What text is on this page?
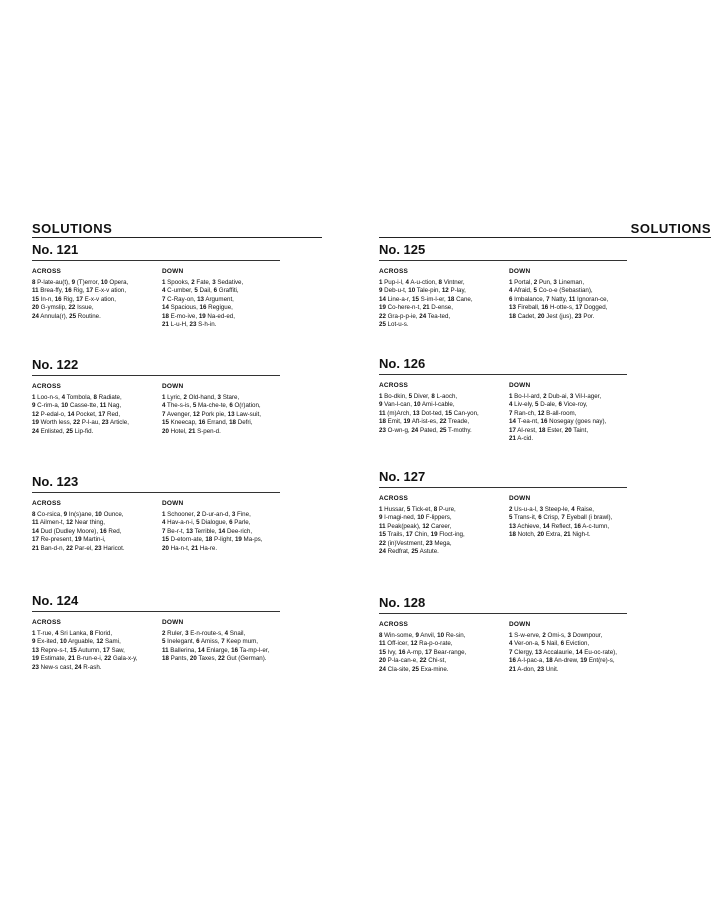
SOLUTIONS
No. 121
ACROSS
8 P-late-au(t), 9 (T)error, 10 Opera,
11 Brea-ffy, 16 Rig, 17 E-x-v ation,
15 In-n, 16 Rig, 17 E-x-v ation,
20 G-ymslip, 22 Issue,
24 Annula(r), 25 Routine.
DOWN
1 Spooks, 2 Fate, 3 Sedative,
4 C-umber, 5 Dail, 6 Graffiti,
7 C-Ray-on, 13 Argument,
14 Spacious, 16 Regigue,
18 E-mo-ive, 19 Na-ed-ed,
21 L-u-H, 23 S-h-in.
No. 122
ACROSS
1 Loo-n-s, 4 Tombola, 8 Radiate,
9 C-rim-a, 10 Casse-tte, 11 Nag,
12 P-edal-o, 14 Pocket, 17 Red,
19 Worth less, 22 P-l-au, 23 Article,
24 Enlisted, 25 Lip-fid.
DOWN
1 Lyric, 2 Old-hand, 3 Stare,
4 The-s-is, 5 Ma-che-te, 6 O(r)ation,
7 Avenger, 12 Pork pie, 13 Law-suit,
15 Kneecap, 16 Errand, 18 Defri,
20 Hotel, 21 S-pen-d.
No. 123
ACROSS
8 Co-rsica, 9 In(s)ane, 10 Ounce,
11 Ailmen-t, 12 Near thing,
14 Dud (Dudley Moore), 16 Red,
17 Re-present, 19 Martin-i,
21 Ban-d-n, 22 Par-el, 23 Haricot.
DOWN
1 Schooner, 2 D-ur-an-d, 3 Fine,
4 Hav-a-n-i, 5 Dialogue, 6 Parle,
7 Be-r-t, 13 Terrible, 14 Dee-rich,
15 D-etorn-ate, 18 P-light, 19 Ma-ps,
20 Ha-n-t, 21 Ha-re.
No. 124
ACROSS
1 T-rue, 4 Sri Lanka, 8 Florid,
9 Ex-ited, 10 Arguable, 12 Sami,
13 Repre-s-t, 15 Autumn, 17 Saw,
19 Estimate, 21 B-run-e-i, 22 Gala-x-y,
23 New-s cast, 24 R-ash.
DOWN
2 Ruler, 3 E-n-route-s, 4 Snail,
5 Inelegant, 6 Amiss, 7 Keep mum,
11 Ballerina, 14 Enlarge, 16 Ta-mp-l-er,
18 Pants, 20 Taxes, 22 Gut (German).
SOLUTIONS
No. 125
ACROSS
1 Pup-i-l, 4 A-u-ction, 8 Vintner,
9 Deb-u-t, 10 Tale-pin, 12 P-lay,
14 Line-a-r, 15 S-im-l-er, 18 Cane,
19 Co-here-n-t, 21 D-ense,
22 Gra-p-p-ie, 24 Tea-ted,
25 Lot-u-s.
DOWN
1 Portal, 2 Pun, 3 Lineman,
4 Afraid, 5 Co-o-e (Sebastian),
6 Imbalance, 7 Natty, 11 Ignoran-ce,
13 Fireball, 16 H-otte-s, 17 Dogged,
18 Cadet, 20 Jest (jus), 23 Por.
No. 126
ACROSS
1 Bo-dkin, 5 Diver, 8 L-aoch,
9 Van-l-can, 10 Ami-l-cable,
11 (m)Arch, 13 Dot-ted, 15 Can-yon,
18 Emit, 19 Aft-ist-es, 22 Treade,
23 O-wn-g, 24 Pated, 25 T-mothy.
DOWN
1 Bo-l-l-ard, 2 Dub-ai, 3 Vil-l-ager,
4 Liv-ely, 5 D-ale, 6 Vice-roy,
7 Ran-ch, 12 B-all-room,
14 T-ea-nt, 16 Nosegay (goes nay),
17 Al-rest, 18 Ester, 20 Taint,
21 A-cid.
No. 127
ACROSS
1 Hussar, 5 Tick-et, 8 P-ure,
9 I-magi-ned, 10 F-lippers,
11 Peak(peak), 12 Career,
15 Trails, 17 Chin, 19 Floct-ing,
22 (in)Vestment, 23 Mega,
24 Redfrat, 25 Astute.
DOWN
2 Us-u-a-l, 3 Steep-le, 4 Raise,
5 Trans-it, 6 Crisp, 7 Eyeball (i brawl),
13 Achieve, 14 Reflect, 16 A-c-tumn,
18 Notch, 20 Extra, 21 Nigh-t.
No. 128
ACROSS
8 Win-some, 9 Anvil, 10 Re-sin,
11 Off-icer, 12 Ra-p-o-rate,
15 Ivy, 16 A-mp, 17 Bear-range,
20 P-la-can-e, 22 Chi-st,
24 Cla-site, 25 Exa-mine.
DOWN
1 S-w-erve, 2 Omi-s, 3 Downpour,
4 Ver-on-a, 5 Nail, 6 Eviction,
7 Clergy, 13 Accalaurie, 14 Eu-oc-rate),
16 A-l-pac-a, 18 An-drew, 19 Ent(re)-s,
21 A-don, 23 Unit.
